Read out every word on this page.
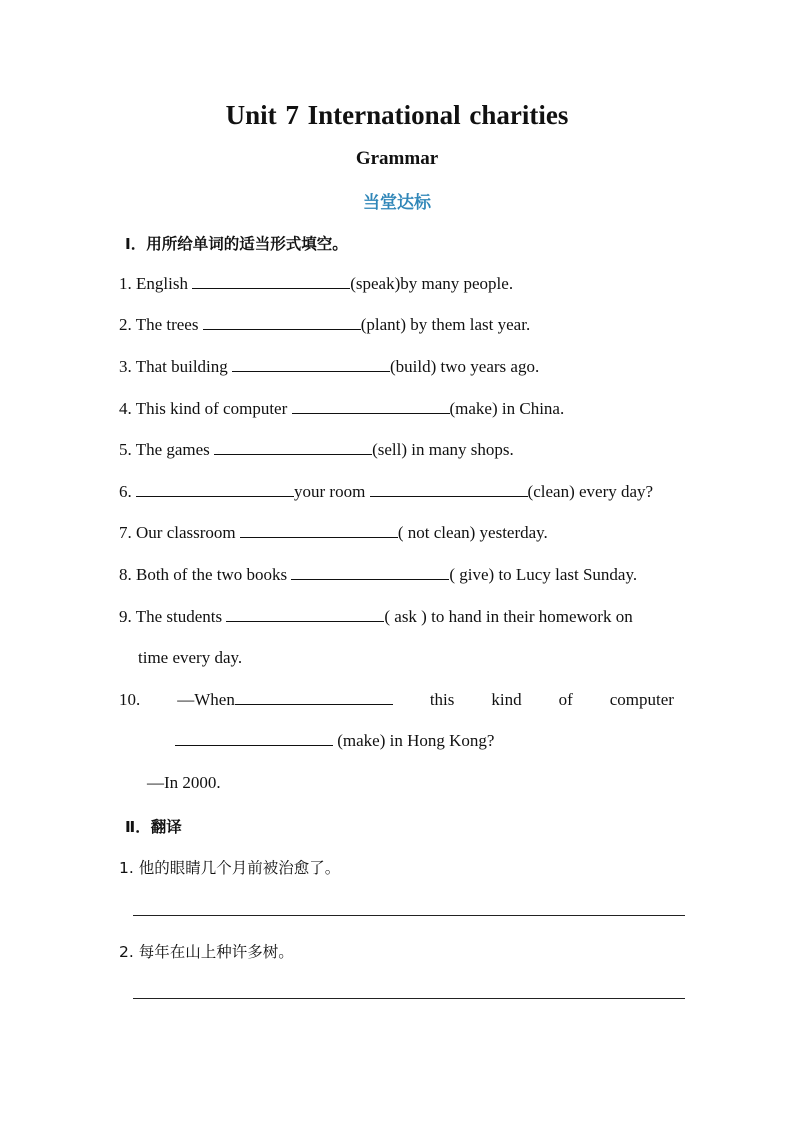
Unit 7 International charities
Grammar
当堂达标
Ⅰ．用所给单词的适当形式填空。
1. English	(speak)by many people.
2. The trees	(plant) by them last year.
3. That building	(build) two years ago.
4. This kind of computer	(make) in China.
5. The games	(sell) in many shops.
6.	your room	(clean) every day?
7. Our classroom	( not clean) yesterday.
8. Both of the two books	( give) to Lucy last Sunday.
9. The students	( ask ) to hand in their homework on
time every day.
10. —When	this kind of computer
(make) in Hong Kong?
—In 2000.
Ⅱ．翻译
1. 他的眼睛几个月前被治愈了。
2. 每年在山上种许多树。
